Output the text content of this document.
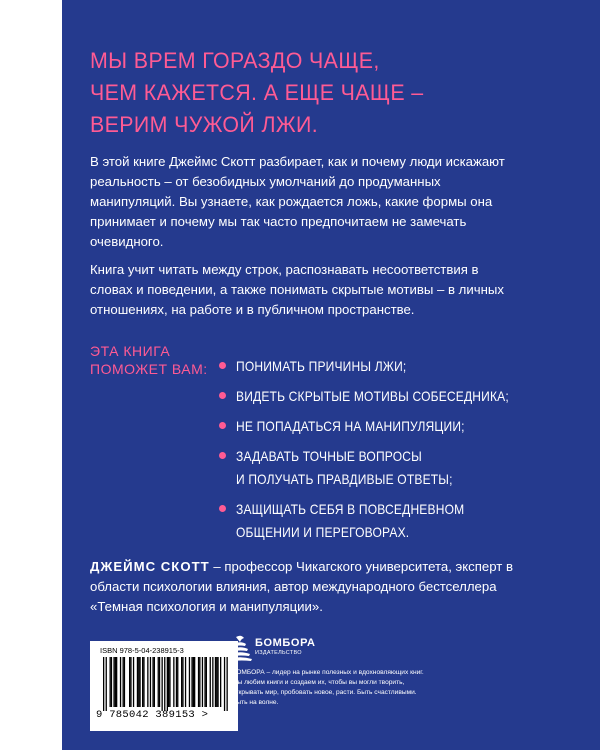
МЫ ВРЕМ ГОРАЗДО ЧАЩЕ,
ЧЕМ КАЖЕТСЯ. А ЕЩЕ ЧАЩЕ –
ВЕРИМ ЧУЖОЙ ЛЖИ.

В этой книге Джеймс Скотт разбирает, как и почему люди искажают реальность – от безобидных умолчаний до продуманных манипуляций. Вы узнаете, как рождается ложь, какие формы она принимает и почему мы так часто предпочитаем не замечать очевидного.

Книга учит читать между строк, распознавать несоответствия в словах и поведении, а также понимать скрытые мотивы – в личных отношениях, на работе и в публичном пространстве.

ЭТА КНИГА
ПОМОЖЕТ ВАМ: ПОНИМАТЬ ПРИЧИНЫ ЛЖИ;
ВИДЕТЬ СКРЫТЫЕ МОТИВЫ СОБЕСЕДНИКА;
НЕ ПОПАДАТЬСЯ НА МАНИПУЛЯЦИИ;
ЗАДАВАТЬ ТОЧНЫЕ ВОПРОСЫ
И ПОЛУЧАТЬ ПРАВДИВЫЕ ОТВЕТЫ;
ЗАЩИЩАТЬ СЕБЯ В ПОВСЕДНЕВНОМ
ОБЩЕНИИ И ПЕРЕГОВОРАХ.

ДЖЕЙМС СКОТТ – профессор Чикагского университета, эксперт в области психологии влияния, автор международного бестселлера «Темная психология и манипуляции».

ISBN 978-5-04-238915-3
9 785042 389153 >
БОМБОРА
ИЗДАТЕЛЬСТВО

БОМБОРА – лидер на рынке полезных и вдохновляющих книг. Мы любим книги и создаем их, чтобы вы могли творить, открывать мир, пробовать новое, расти. Быть счастливыми. Быть на волне.
